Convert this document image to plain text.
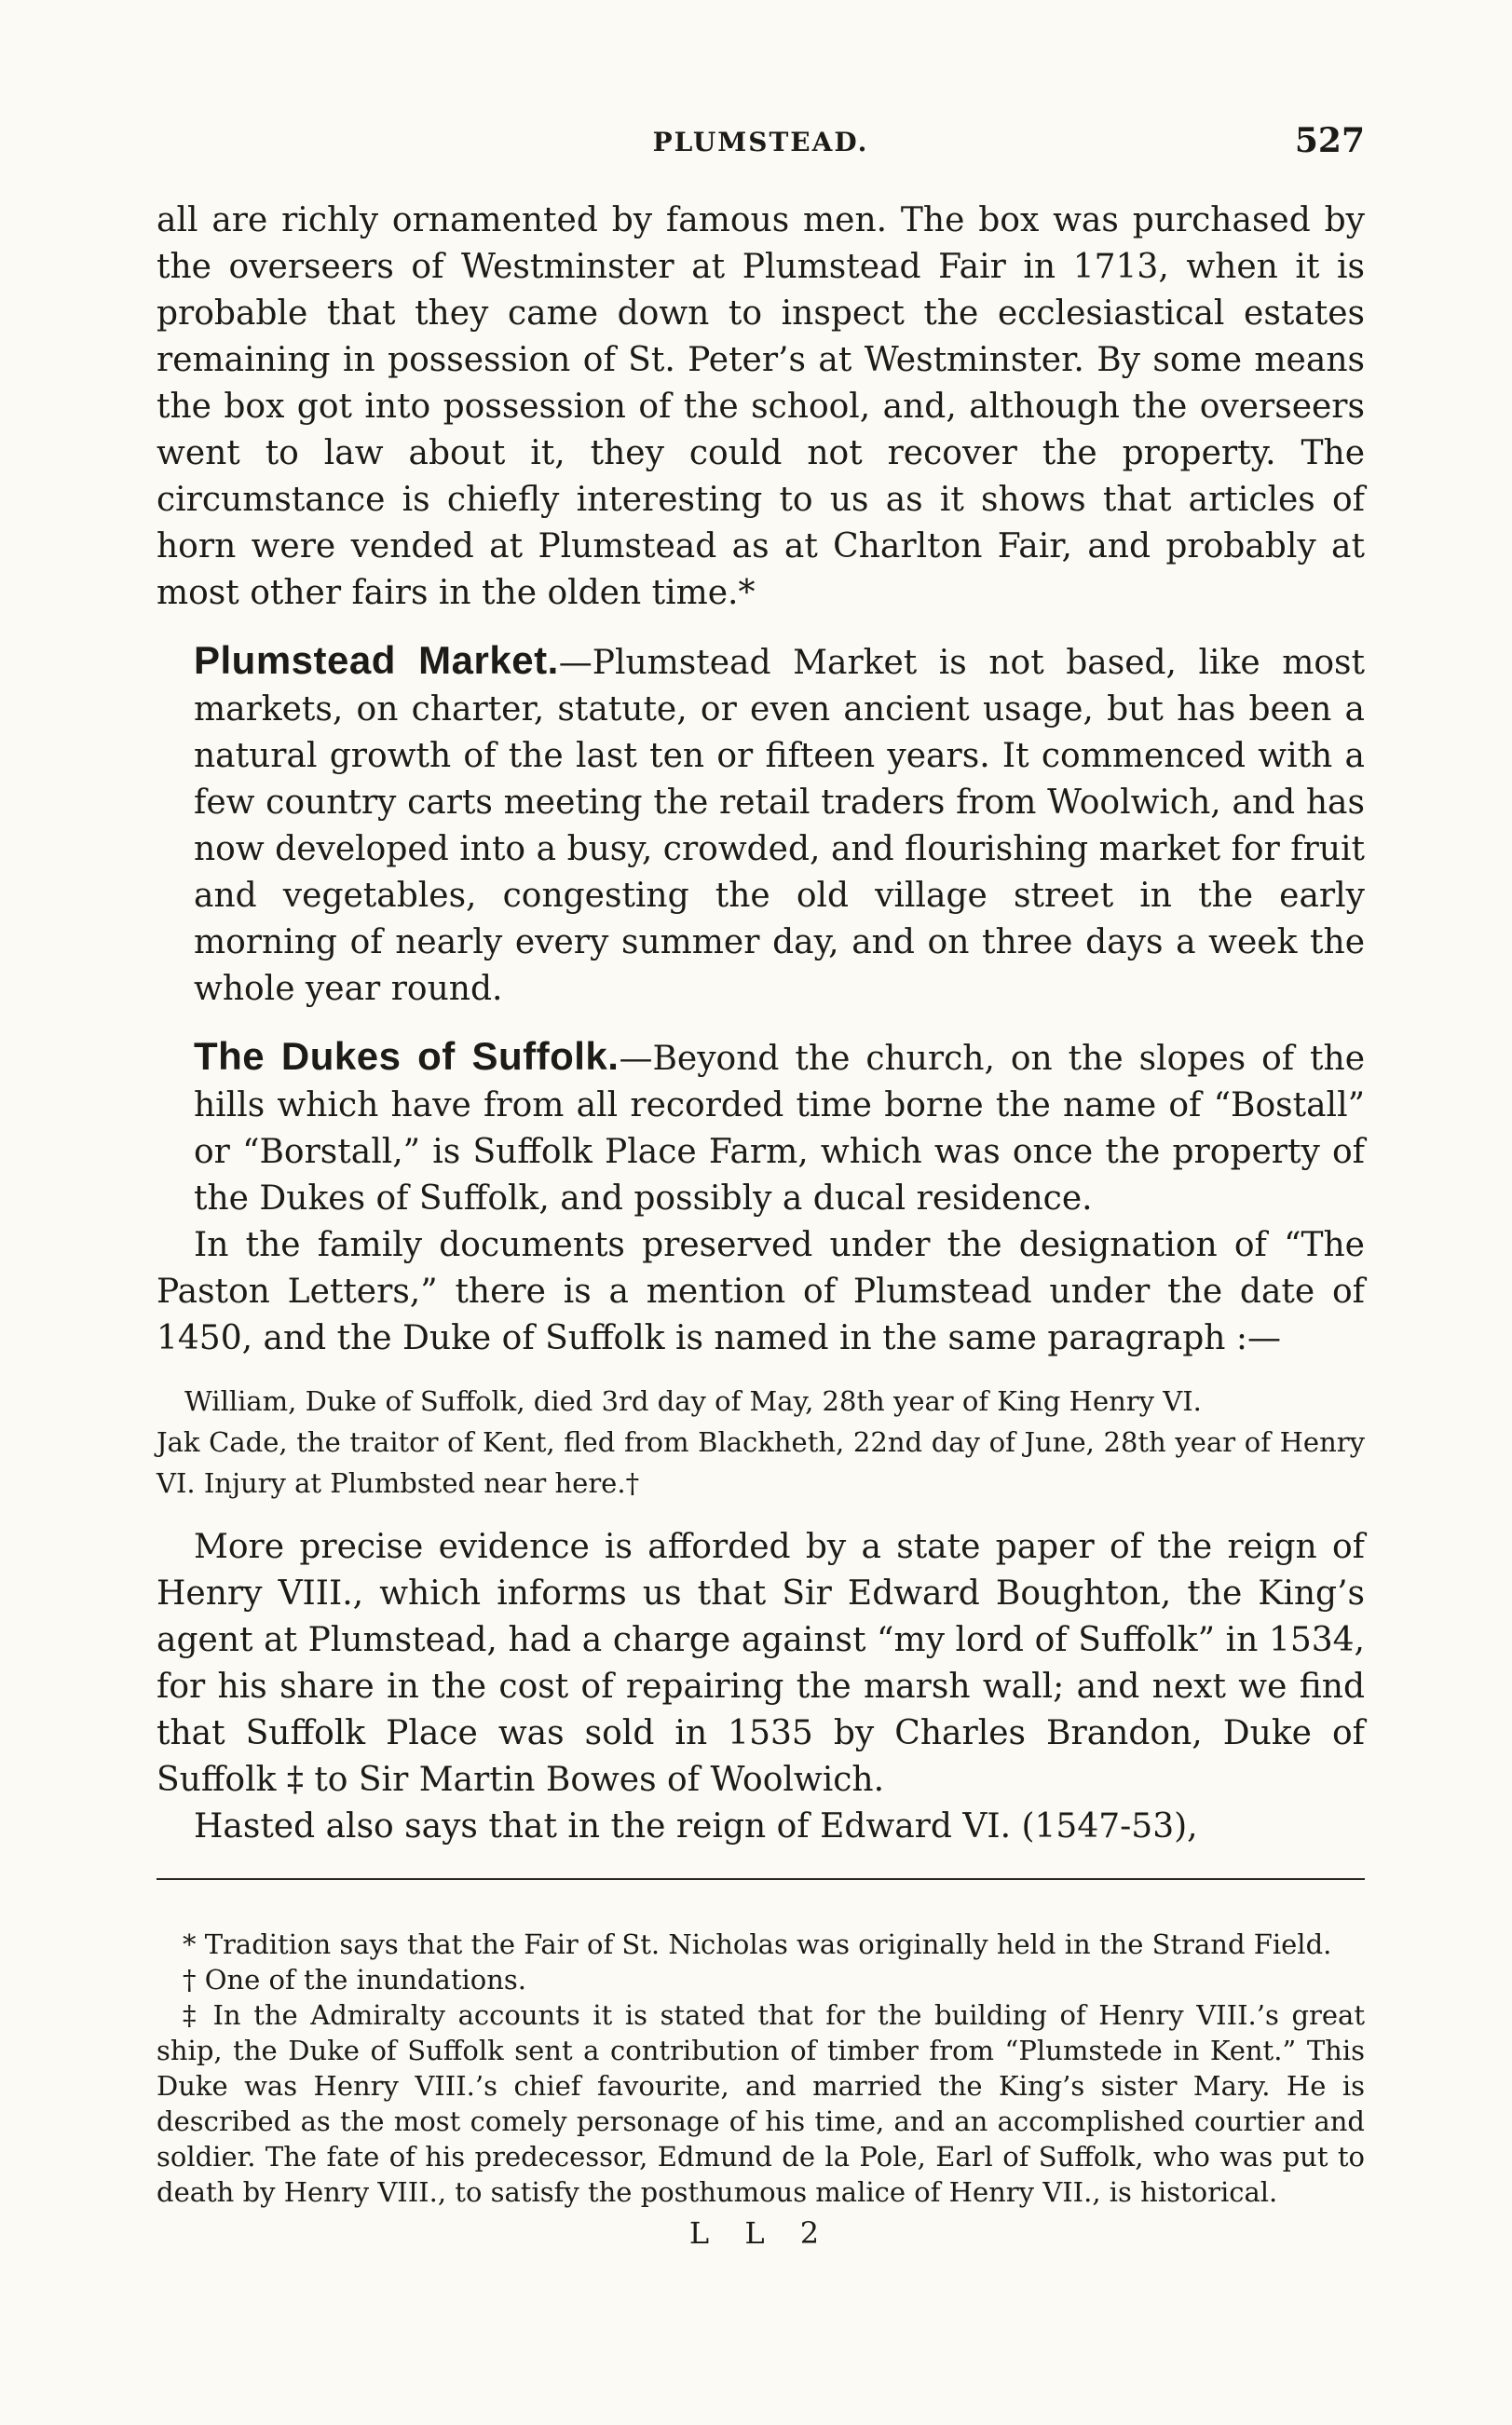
PLUMSTEAD.	527

all are richly ornamented by famous men. The box was purchased by the overseers of Westminster at Plumstead Fair in 1713, when it is probable that they came down to inspect the ecclesiastical estates remaining in possession of St. Peter’s at Westminster. By some means the box got into possession of the school, and, although the overseers went to law about it, they could not recover the property. The circumstance is chiefly interesting to us as it shows that articles of horn were vended at Plumstead as at Charlton Fair, and probably at most other fairs in the olden time.*

Plumstead Market.—Plumstead Market is not based, like most markets, on charter, statute, or even ancient usage, but has been a natural growth of the last ten or fifteen years. It commenced with a few country carts meeting the retail traders from Woolwich, and has now developed into a busy, crowded, and flourishing market for fruit and vegetables, congesting the old village street in the early morning of nearly every summer day, and on three days a week the whole year round.

The Dukes of Suffolk.—Beyond the church, on the slopes of the hills which have from all recorded time borne the name of “Bostall” or “Borstall,” is Suffolk Place Farm, which was once the property of the Dukes of Suffolk, and possibly a ducal residence.

In the family documents preserved under the designation of “The Paston Letters,” there is a mention of Plumstead under the date of 1450, and the Duke of Suffolk is named in the same paragraph :—

William, Duke of Suffolk, died 3rd day of May, 28th year of King Henry VI.
Jak Cade, the traitor of Kent, fled from Blackheth, 22nd day of June, 28th year of Henry VI. Injury at Plumbsted near here.†

More precise evidence is afforded by a state paper of the reign of Henry VIII., which informs us that Sir Edward Boughton, the King’s agent at Plumstead, had a charge against “my lord of Suffolk” in 1534, for his share in the cost of repairing the marsh wall; and next we find that Suffolk Place was sold in 1535 by Charles Brandon, Duke of Suffolk ‡ to Sir Martin Bowes of Woolwich.

Hasted also says that in the reign of Edward VI. (1547-53),

* Tradition says that the Fair of St. Nicholas was originally held in the Strand Field.

† One of the inundations.

‡ In the Admiralty accounts it is stated that for the building of Henry VIII.’s great ship, the Duke of Suffolk sent a contribution of timber from “Plumstede in Kent.” This Duke was Henry VIII.’s chief favourite, and married the King’s sister Mary. He is described as the most comely personage of his time, and an accomplished courtier and soldier. The fate of his predecessor, Edmund de la Pole, Earl of Suffolk, who was put to death by Henry VIII., to satisfy the posthumous malice of Henry VII., is historical.

L L 2
